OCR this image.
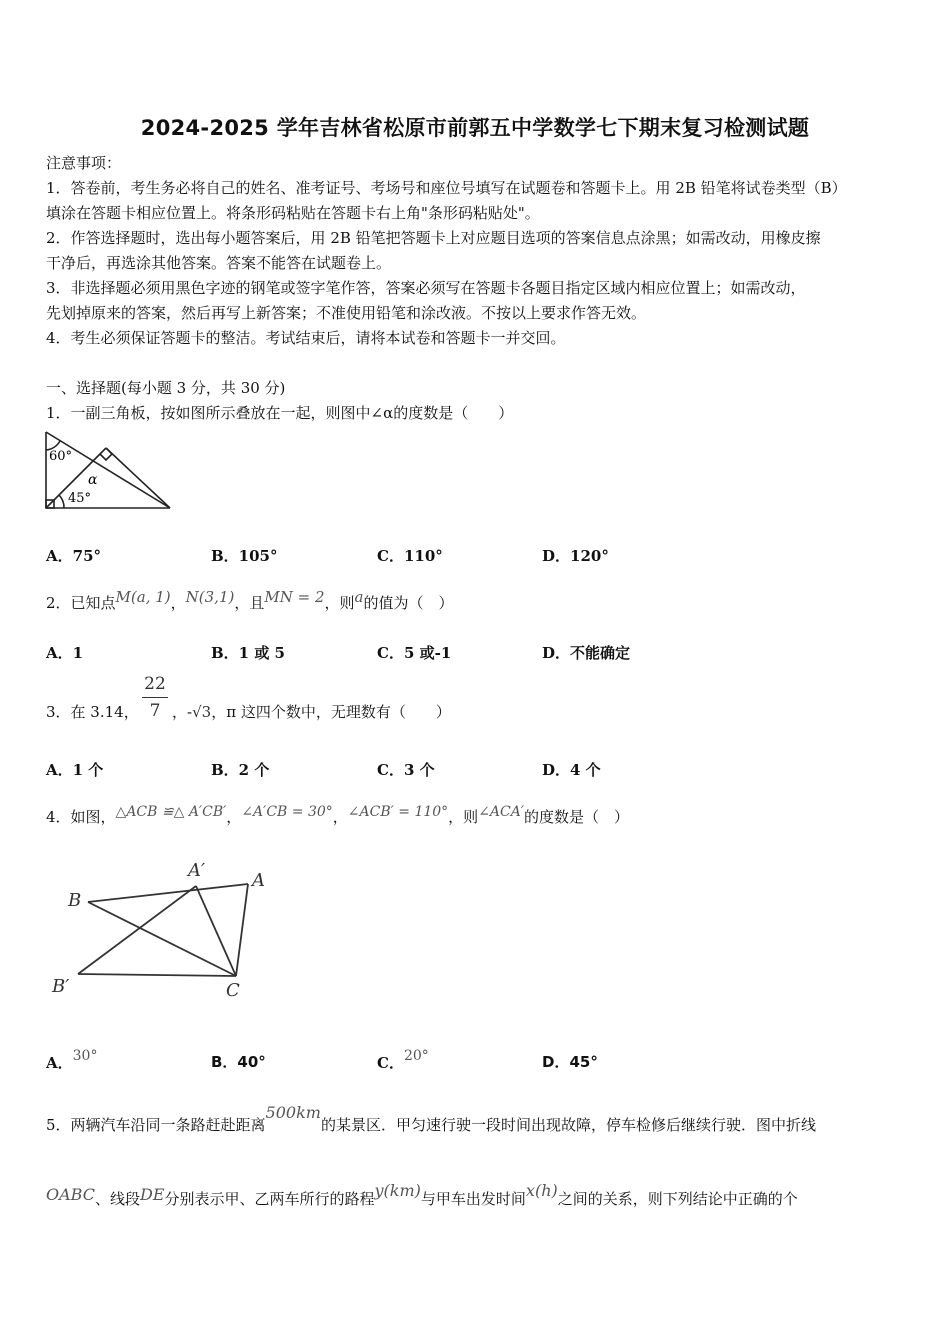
2024-2025 学年吉林省松原市前郭五中学数学七下期末复习检测试题
注意事项：
1．答卷前，考生务必将自己的姓名、准考证号、考场号和座位号填写在试题卷和答题卡上。用 2B 铅笔将试卷类型（B）
填涂在答题卡相应位置上。将条形码粘贴在答题卡右上角"条形码粘贴处"。
2．作答选择题时，选出每小题答案后，用 2B 铅笔把答题卡上对应题目选项的答案信息点涂黑；如需改动，用橡皮擦
干净后，再选涂其他答案。答案不能答在试题卷上。
3．非选择题必须用黑色字迹的钢笔或签字笔作答，答案必须写在答题卡各题目指定区域内相应位置上；如需改动，
先划掉原来的答案，然后再写上新答案；不准使用铅笔和涂改液。不按以上要求作答无效。
4．考生必须保证答题卡的整洁。考试结束后，请将本试卷和答题卡一并交回。
一、选择题(每小题 3 分，共 30 分)
1．一副三角板，按如图所示叠放在一起，则图中∠α的度数是（　　）
60°
α
45°
A．75°	B．105°	C．110°	D．120°
2．已知点M(a, 1)，N(3,1)，且MN = 2，则a的值为（　）
A．1	B．1 或 5	C．5 或-1	D．不能确定
3．在 3.14，
22
7 ，-√3，π 这四个数中，无理数有（　　）
A．1 个	B．2 个	C．3 个	D．4 个
4．如图，△ACB ≌△ A′CB′，∠A′CB = 30°，∠ACB′ = 110°，则∠ACA′的度数是（　）
B
A′	A
B′	C
A．30°	B．40°	C．20°	D．45°
5．两辆汽车沿同一条路赶赴距离500km的某景区．甲匀速行驶一段时间出现故障，停车检修后继续行驶．图中折线
OABC、线段DE分别表示甲、乙两车所行的路程y(km)与甲车出发时间x(h)之间的关系，则下列结论中正确的个
